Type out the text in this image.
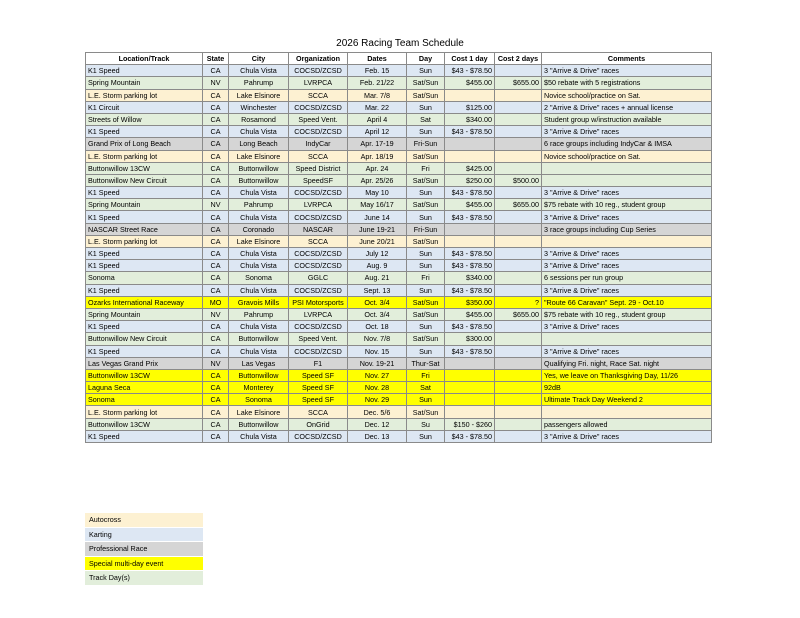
2026 Racing Team Schedule
Location/Track	State	City	Organization	Dates	Day	Cost 1 day	Cost 2 days	Comments
K1 Speed	CA	Chula Vista	COCSD/ZCSD	Feb. 15	Sun	$43 - $78.50		3 "Arrive & Drive" races
Spring Mountain	NV	Pahrump	LVRPCA	Feb. 21/22	Sat/Sun	$455.00	$655.00	$50 rebate with 5 registrations
L.E. Storm parking lot	CA	Lake Elsinore	SCCA	Mar. 7/8	Sat/Sun			Novice school/practice on Sat.
K1 Circuit	CA	Winchester	COCSD/ZCSD	Mar. 22	Sun	$125.00		2 "Arrive & Drive" races + annual license
Streets of Willow	CA	Rosamond	Speed Vent.	April 4	Sat	$340.00		Student group w/instruction available
K1 Speed	CA	Chula Vista	COCSD/ZCSD	April 12	Sun	$43 - $78.50		3 "Arrive & Drive" races
Grand Prix of Long Beach	CA	Long Beach	IndyCar	Apr. 17-19	Fri-Sun			6 race groups including IndyCar & IMSA
L.E. Storm parking lot	CA	Lake Elsinore	SCCA	Apr. 18/19	Sat/Sun			Novice school/practice on Sat.
Buttonwillow 13CW	CA	Buttonwillow	Speed District	Apr. 24	Fri	$425.00		
Buttonwillow New Circuit	CA	Buttonwillow	SpeedSF	Apr. 25/26	Sat/Sun	$250.00	$500.00	
K1 Speed	CA	Chula Vista	COCSD/ZCSD	May 10	Sun	$43 - $78.50		3 "Arrive & Drive" races
Spring Mountain	NV	Pahrump	LVRPCA	May 16/17	Sat/Sun	$455.00	$655.00	$75 rebate with 10 reg., student group
K1 Speed	CA	Chula Vista	COCSD/ZCSD	June 14	Sun	$43 - $78.50		3 "Arrive & Drive" races
NASCAR Street Race	CA	Coronado	NASCAR	June 19-21	Fri-Sun			3 race groups including Cup Series
L.E. Storm parking lot	CA	Lake Elsinore	SCCA	June 20/21	Sat/Sun			
K1 Speed	CA	Chula Vista	COCSD/ZCSD	July 12	Sun	$43 - $78.50		3 "Arrive & Drive" races
K1 Speed	CA	Chula Vista	COCSD/ZCSD	Aug. 9	Sun	$43 - $78.50		3 "Arrive & Drive" races
Sonoma	CA	Sonoma	GGLC	Aug. 21	Fri	$340.00		6 sessions per run group
K1 Speed	CA	Chula Vista	COCSD/ZCSD	Sept. 13	Sun	$43 - $78.50		3 "Arrive & Drive" races
Ozarks International Raceway	MO	Gravois Mills	PSI Motorsports	Oct. 3/4	Sat/Sun	$350.00	?	"Route 66 Caravan" Sept. 29 - Oct.10
Spring Mountain	NV	Pahrump	LVRPCA	Oct. 3/4	Sat/Sun	$455.00	$655.00	$75 rebate with 10 reg., student group
K1 Speed	CA	Chula Vista	COCSD/ZCSD	Oct. 18	Sun	$43 - $78.50		3 "Arrive & Drive" races
Buttonwillow New Circuit	CA	Buttonwillow	Speed Vent.	Nov. 7/8	Sat/Sun	$300.00		
K1 Speed	CA	Chula Vista	COCSD/ZCSD	Nov. 15	Sun	$43 - $78.50		3 "Arrive & Drive" races
Las Vegas Grand Prix	NV	Las Vegas	F1	Nov. 19-21	Thur-Sat			Qualifying Fri. night, Race Sat. night
Buttonwillow 13CW	CA	Buttonwillow	Speed SF	Nov. 27	Fri			Yes, we leave on Thanksgiving Day, 11/26
Laguna Seca	CA	Monterey	Speed SF	Nov. 28	Sat			92dB
Sonoma	CA	Sonoma	Speed SF	Nov. 29	Sun			Ultimate Track Day Weekend 2
L.E. Storm parking lot	CA	Lake Elsinore	SCCA	Dec. 5/6	Sat/Sun			
Buttonwillow 13CW	CA	Buttonwillow	OnGrid	Dec. 12	Su	$150 - $260		passengers allowed
K1 Speed	CA	Chula Vista	COCSD/ZCSD	Dec. 13	Sun	$43 - $78.50		3 "Arrive & Drive" races
Autocross
Karting
Professional Race
Special multi-day event
Track Day(s)
